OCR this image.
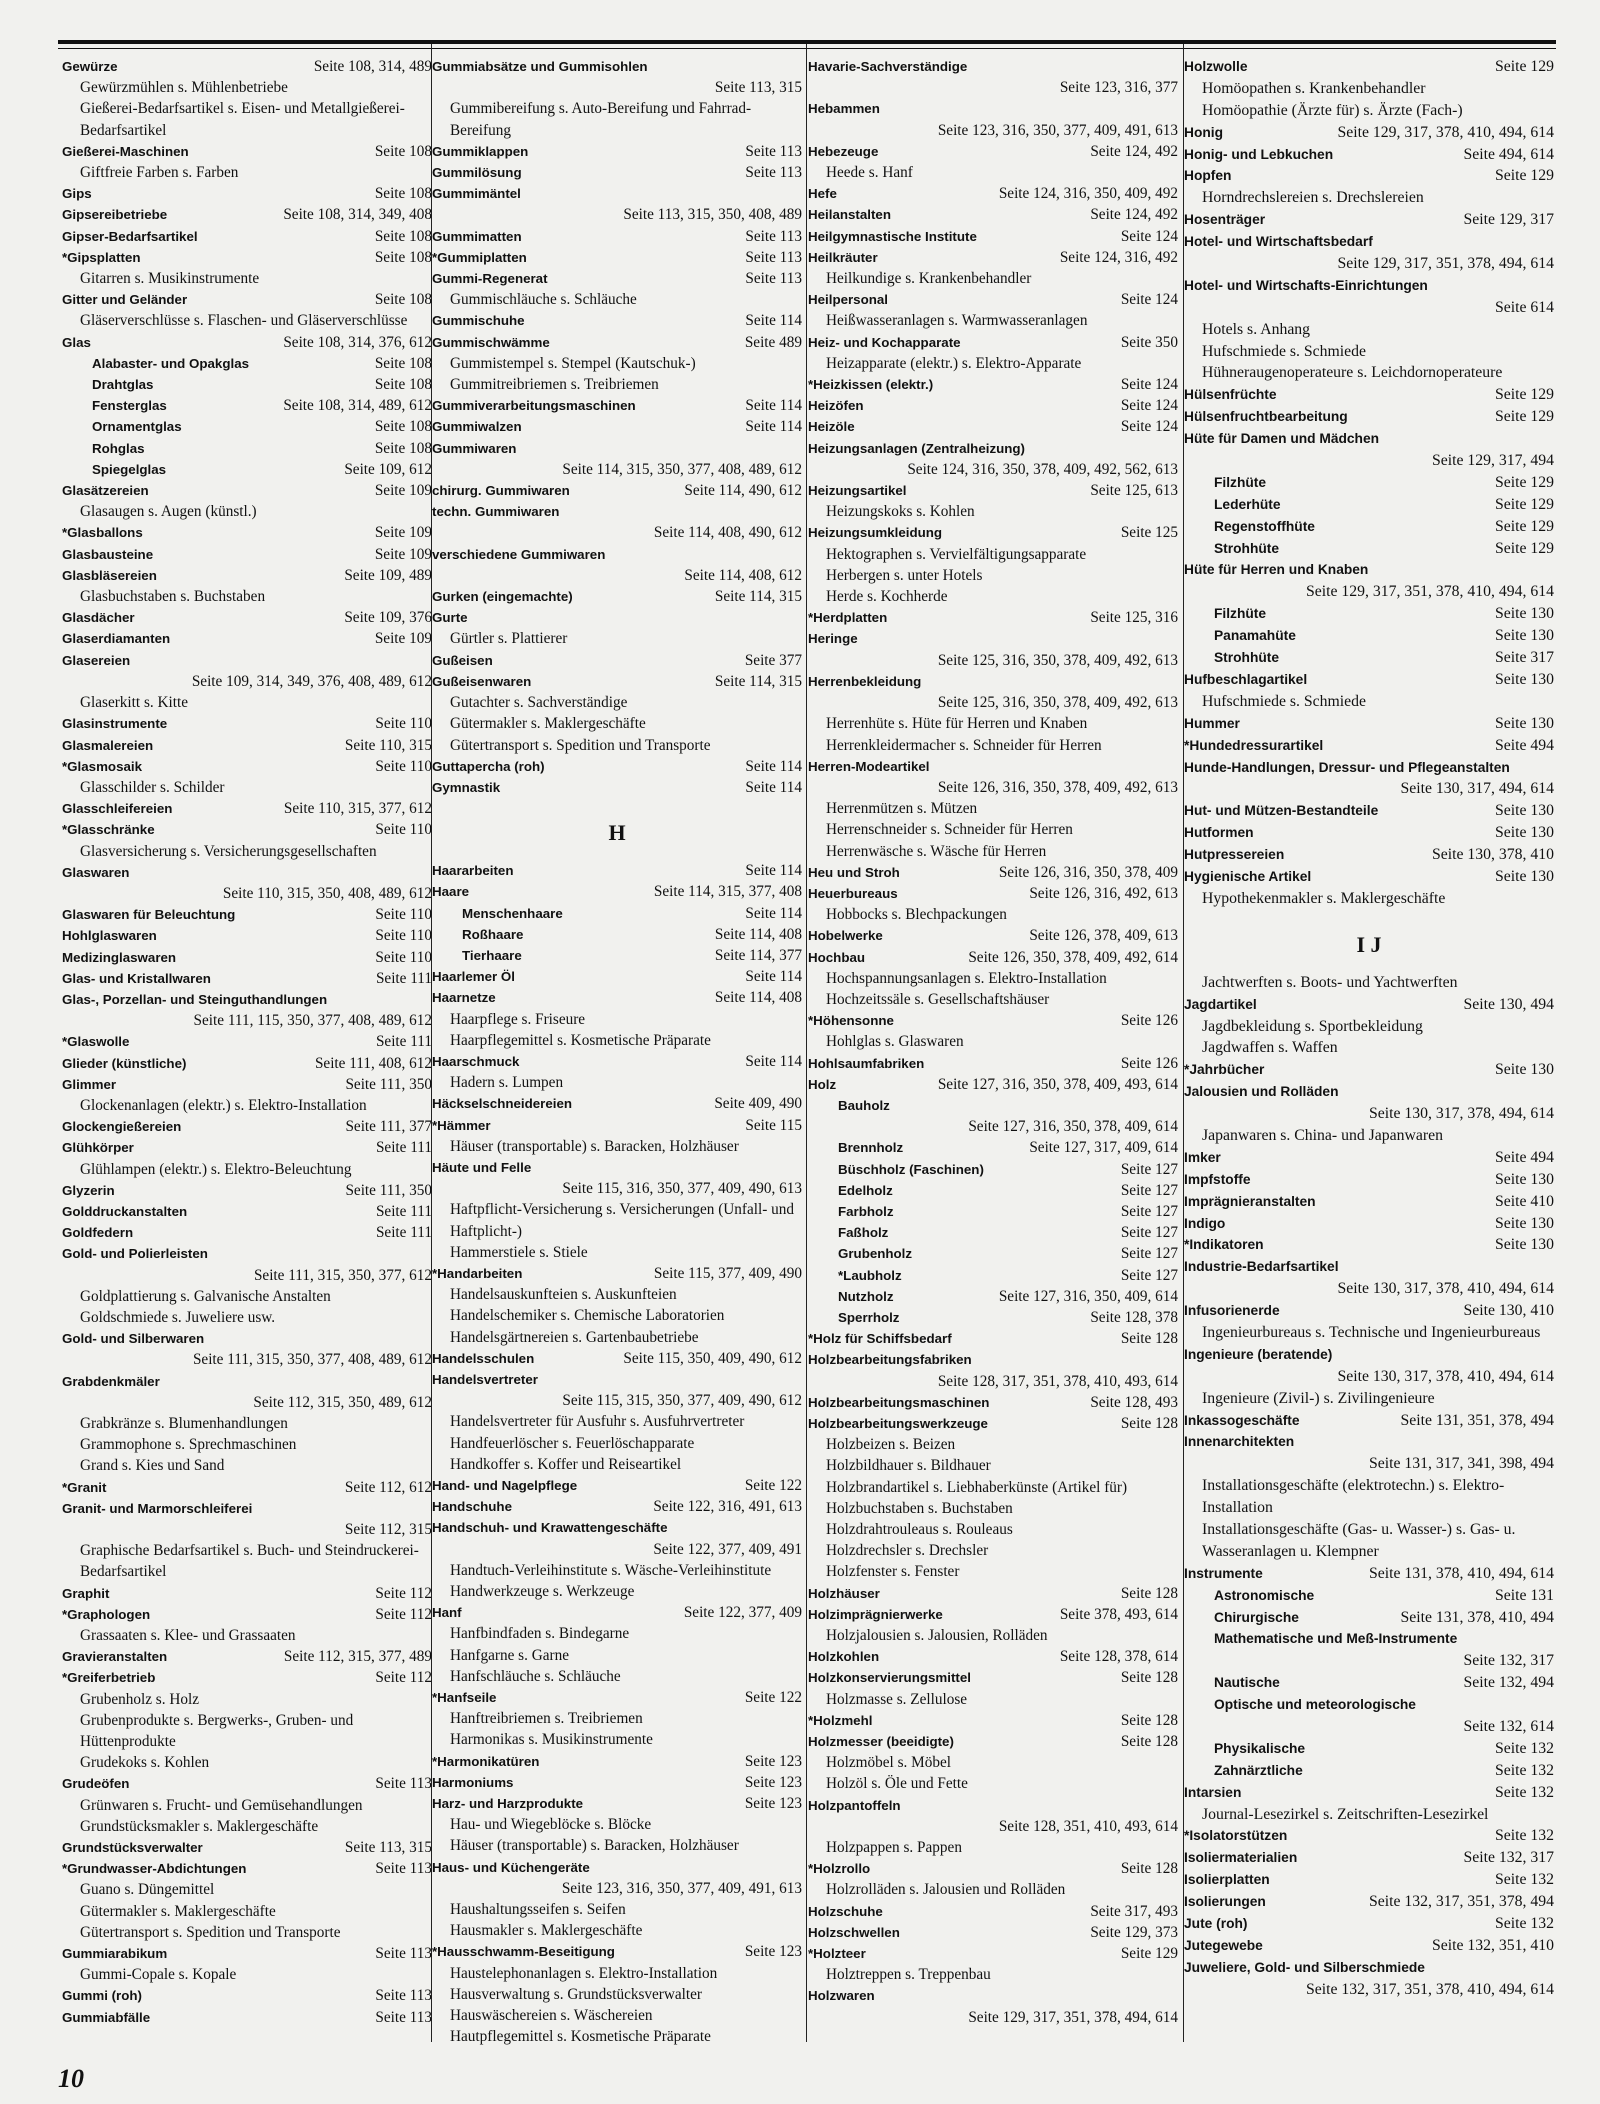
Gewürze	Seite 108, 314, 489
Gewürzmühlen s. Mühlenbetriebe
Gießerei-Bedarfsartikel s. Eisen- und Metallgießerei-Bedarfsartikel
Gießerei-Maschinen	Seite 108
Giftfreie Farben s. Farben
Gips	Seite 108
Gipsereibetriebe	Seite 108, 314, 349, 408
Gipser-Bedarfsartikel	Seite 108
*Gipsplatten	Seite 108
Gitarren s. Musikinstrumente
Gitter und Geländer	Seite 108
Gläserverschlüsse s. Flaschen- und Gläserverschlüsse
Glas	Seite 108, 314, 376, 612
Alabaster- und Opakglas	Seite 108
Drahtglas	Seite 108
Fensterglas	Seite 108, 314, 489, 612
Ornamentglas	Seite 108
Rohglas	Seite 108
Spiegelglas	Seite 109, 612
Glasätzereien	Seite 109
Glasaugen s. Augen (künstl.)
*Glasballons	Seite 109
Glasbausteine	Seite 109
Glasbläsereien	Seite 109, 489
Glasbuchstaben s. Buchstaben
Glasdächer	Seite 109, 376
Glaserdiamanten	Seite 109
Glasereien
Seite 109, 314, 349, 376, 408, 489, 612
Glaserkitt s. Kitte
Glasinstrumente	Seite 110
Glasmalereien	Seite 110, 315
*Glasmosaik	Seite 110
Glasschilder s. Schilder
Glasschleifereien	Seite 110, 315, 377, 612
*Glasschränke	Seite 110
Glasversicherung s. Versicherungsgesellschaften
Glaswaren
Seite 110, 315, 350, 408, 489, 612
Glaswaren für Beleuchtung	Seite 110
Hohlglaswaren	Seite 110
Medizinglaswaren	Seite 110
Glas- und Kristallwaren	Seite 111
Glas-, Porzellan- und Steinguthandlungen
Seite 111, 115, 350, 377, 408, 489, 612
*Glaswolle	Seite 111
Glieder (künstliche)	Seite 111, 408, 612
Glimmer	Seite 111, 350
Glockenanlagen (elektr.) s. Elektro-Installation
Glockengießereien	Seite 111, 377
Glühkörper	Seite 111
Glühlampen (elektr.) s. Elektro-Beleuchtung
Glyzerin	Seite 111, 350
Golddruckanstalten	Seite 111
Goldfedern	Seite 111
Gold- und Polierleisten
Seite 111, 315, 350, 377, 612
Goldplattierung s. Galvanische Anstalten
Goldschmiede s. Juweliere usw.
Gold- und Silberwaren
Seite 111, 315, 350, 377, 408, 489, 612
Grabdenkmäler
Seite 112, 315, 350, 489, 612
Grabkränze s. Blumenhandlungen
Grammophone s. Sprechmaschinen
Grand s. Kies und Sand
*Granit	Seite 112, 612
Granit- und Marmorschleiferei
Seite 112, 315
Graphische Bedarfsartikel s. Buch- und Steindruckerei-Bedarfsartikel
Graphit	Seite 112
*Graphologen	Seite 112
Grassaaten s. Klee- und Grassaaten
Gravieranstalten	Seite 112, 315, 377, 489
*Greiferbetrieb	Seite 112
Grubenholz s. Holz
Grubenprodukte s. Bergwerks-, Gruben- und Hüttenprodukte
Grudekoks s. Kohlen
Grudeöfen	Seite 113
Grünwaren s. Frucht- und Gemüsehandlungen
Grundstücksmakler s. Maklergeschäfte
Grundstücksverwalter	Seite 113, 315
*Grundwasser-Abdichtungen	Seite 113
Guano s. Düngemittel
Gütermakler s. Maklergeschäfte
Gütertransport s. Spedition und Transporte
Gummiarabikum	Seite 113
Gummi-Copale s. Kopale
Gummi (roh)	Seite 113
Gummiabfälle	Seite 113
Gummiabsätze und Gummisohlen
Seite 113, 315
Gummibereifung s. Auto-Bereifung und Fahrrad-Bereifung
Gummiklappen	Seite 113
Gummilösung	Seite 113
Gummimäntel
Seite 113, 315, 350, 408, 489
Gummimatten	Seite 113
*Gummiplatten	Seite 113
Gummi-Regenerat	Seite 113
Gummischläuche s. Schläuche
Gummischuhe	Seite 114
Gummischwämme	Seite 489
Gummistempel s. Stempel (Kautschuk-)
Gummitreibriemen s. Treibriemen
Gummiverarbeitungsmaschinen	Seite 114
Gummiwalzen	Seite 114
Gummiwaren
Seite 114, 315, 350, 377, 408, 489, 612
chirurg. Gummiwaren	Seite 114, 490, 612
techn. Gummiwaren
Seite 114, 408, 490, 612
verschiedene Gummiwaren
Seite 114, 408, 612
Gurken (eingemachte)	Seite 114, 315
Gurte
Gürtler s. Plattierer
Gußeisen	Seite 377
Gußeisenwaren	Seite 114, 315
Gutachter s. Sachverständige
Gütermakler s. Maklergeschäfte
Gütertransport s. Spedition und Transporte
Guttapercha (roh)	Seite 114
Gymnastik	Seite 114
H
Haararbeiten	Seite 114
Haare	Seite 114, 315, 377, 408
Menschenhaare	Seite 114
Roßhaare	Seite 114, 408
Tierhaare	Seite 114, 377
Haarlemer Öl	Seite 114
Haarnetze	Seite 114, 408
Haarpflege s. Friseure
Haarpflegemittel s. Kosmetische Präparate
Haarschmuck	Seite 114
Hadern s. Lumpen
Häckselschneidereien	Seite 409, 490
*Hämmer	Seite 115
Häuser (transportable) s. Baracken, Holzhäuser
Häute und Felle
Seite 115, 316, 350, 377, 409, 490, 613
Haftpflicht-Versicherung s. Versicherungen (Unfall- und Haftplicht-)
Hammerstiele s. Stiele
*Handarbeiten	Seite 115, 377, 409, 490
Handelsauskunfteien s. Auskunfteien
Handelschemiker s. Chemische Laboratorien
Handelsgärtnereien s. Gartenbaubetriebe
Handelsschulen	Seite 115, 350, 409, 490, 612
Handelsvertreter
Seite 115, 315, 350, 377, 409, 490, 612
Handelsvertreter für Ausfuhr s. Ausfuhrvertreter
Handfeuerlöscher s. Feuerlöschapparate
Handkoffer s. Koffer und Reiseartikel
Hand- und Nagelpflege	Seite 122
Handschuhe	Seite 122, 316, 491, 613
Handschuh- und Krawattengeschäfte
Seite 122, 377, 409, 491
Handtuch-Verleihinstitute s. Wäsche-Verleihinstitute
Handwerkzeuge s. Werkzeuge
Hanf	Seite 122, 377, 409
Hanfbindfaden s. Bindegarne
Hanfgarne s. Garne
Hanfschläuche s. Schläuche
*Hanfseile	Seite 122
Hanftreibriemen s. Treibriemen
Harmonikas s. Musikinstrumente
*Harmonikatüren	Seite 123
Harmoniums	Seite 123
Harz- und Harzprodukte	Seite 123
Hau- und Wiegeblöcke s. Blöcke
Häuser (transportable) s. Baracken, Holzhäuser
Haus- und Küchengeräte
Seite 123, 316, 350, 377, 409, 491, 613
Haushaltungsseifen s. Seifen
Hausmakler s. Maklergeschäfte
*Hausschwamm-Beseitigung	Seite 123
Haustelephonanlagen s. Elektro-Installation
Hausverwaltung s. Grundstücksverwalter
Hauswäschereien s. Wäschereien
Hautpflegemittel s. Kosmetische Präparate
Havarie-Sachverständige
Seite 123, 316, 377
Hebammen
Seite 123, 316, 350, 377, 409, 491, 613
Hebezeuge	Seite 124, 492
Heede s. Hanf
Hefe	Seite 124, 316, 350, 409, 492
Heilanstalten	Seite 124, 492
Heilgymnastische Institute	Seite 124
Heilkräuter	Seite 124, 316, 492
Heilkundige s. Krankenbehandler
Heilpersonal	Seite 124
Heißwasseranlagen s. Warmwasseranlagen
Heiz- und Kochapparate	Seite 350
Heizapparate (elektr.) s. Elektro-Apparate
*Heizkissen (elektr.)	Seite 124
Heizöfen	Seite 124
Heizöle	Seite 124
Heizungsanlagen (Zentralheizung)
Seite 124, 316, 350, 378, 409, 492, 562, 613
Heizungsartikel	Seite 125, 613
Heizungskoks s. Kohlen
Heizungsumkleidung	Seite 125
Hektographen s. Vervielfältigungsapparate
Herbergen s. unter Hotels
Herde s. Kochherde
*Herdplatten	Seite 125, 316
Heringe
Seite 125, 316, 350, 378, 409, 492, 613
Herrenbekleidung
Seite 125, 316, 350, 378, 409, 492, 613
Herrenhüte s. Hüte für Herren und Knaben
Herrenkleidermacher s. Schneider für Herren
Herren-Modeartikel
Seite 126, 316, 350, 378, 409, 492, 613
Herrenmützen s. Mützen
Herrenschneider s. Schneider für Herren
Herrenwäsche s. Wäsche für Herren
Heu und Stroh	Seite 126, 316, 350, 378, 409
Heuerbureaus	Seite 126, 316, 492, 613
Hobbocks s. Blechpackungen
Hobelwerke	Seite 126, 378, 409, 613
Hochbau	Seite 126, 350, 378, 409, 492, 614
Hochspannungsanlagen s. Elektro-Installation
Hochzeitssäle s. Gesellschaftshäuser
*Höhensonne	Seite 126
Hohlglas s. Glaswaren
Hohlsaumfabriken	Seite 126
Holz	Seite 127, 316, 350, 378, 409, 493, 614
Bauholz
Seite 127, 316, 350, 378, 409, 614
Brennholz	Seite 127, 317, 409, 614
Büschholz (Faschinen)	Seite 127
Edelholz	Seite 127
Farbholz	Seite 127
Faßholz	Seite 127
Grubenholz	Seite 127
*Laubholz	Seite 127
Nutzholz	Seite 127, 316, 350, 409, 614
Sperrholz	Seite 128, 378
*Holz für Schiffsbedarf	Seite 128
Holzbearbeitungsfabriken
Seite 128, 317, 351, 378, 410, 493, 614
Holzbearbeitungsmaschinen	Seite 128, 493
Holzbearbeitungswerkzeuge	Seite 128
Holzbeizen s. Beizen
Holzbildhauer s. Bildhauer
Holzbrandartikel s. Liebhaberkünste (Artikel für)
Holzbuchstaben s. Buchstaben
Holzdrahtrouleaus s. Rouleaus
Holzdrechsler s. Drechsler
Holzfenster s. Fenster
Holzhäuser	Seite 128
Holzimprägnierwerke	Seite 378, 493, 614
Holzjalousien s. Jalousien, Rolläden
Holzkohlen	Seite 128, 378, 614
Holzkonservierungsmittel	Seite 128
Holzmasse s. Zellulose
*Holzmehl	Seite 128
Holzmesser (beeidigte)	Seite 128
Holzmöbel s. Möbel
Holzöl s. Öle und Fette
Holzpantoffeln
Seite 128, 351, 410, 493, 614
Holzpappen s. Pappen
*Holzrollo	Seite 128
Holzrolläden s. Jalousien und Rolläden
Holzschuhe	Seite 317, 493
Holzschwellen	Seite 129, 373
*Holzteer	Seite 129
Holztreppen s. Treppenbau
Holzwaren
Seite 129, 317, 351, 378, 494, 614
Holzwolle	Seite 129
Homöopathen s. Krankenbehandler
Homöopathie (Ärzte für) s. Ärzte (Fach-)
Honig	Seite 129, 317, 378, 410, 494, 614
Honig- und Lebkuchen	Seite 494, 614
Hopfen	Seite 129
Horndrechslereien s. Drechslereien
Hosenträger	Seite 129, 317
Hotel- und Wirtschaftsbedarf
Seite 129, 317, 351, 378, 494, 614
Hotel- und Wirtschafts-Einrichtungen
Seite 614
Hotels s. Anhang
Hufschmiede s. Schmiede
Hühneraugenoperateure s. Leichdornoperateure
Hülsenfrüchte	Seite 129
Hülsenfruchtbearbeitung	Seite 129
Hüte für Damen und Mädchen
Seite 129, 317, 494
Filzhüte	Seite 129
Lederhüte	Seite 129
Regenstoffhüte	Seite 129
Strohhüte	Seite 129
Hüte für Herren und Knaben
Seite 129, 317, 351, 378, 410, 494, 614
Filzhüte	Seite 130
Panamahüte	Seite 130
Strohhüte	Seite 317
Hufbeschlagartikel	Seite 130
Hufschmiede s. Schmiede
Hummer	Seite 130
*Hundedressurartikel	Seite 494
Hunde-Handlungen, Dressur- und Pflegeanstalten
Seite 130, 317, 494, 614
Hut- und Mützen-Bestandteile	Seite 130
Hutformen	Seite 130
Hutpressereien	Seite 130, 378, 410
Hygienische Artikel	Seite 130
Hypothekenmakler s. Maklergeschäfte
I J
Jachtwerften s. Boots- und Yachtwerften
Jagdartikel	Seite 130, 494
Jagdbekleidung s. Sportbekleidung
Jagdwaffen s. Waffen
*Jahrbücher	Seite 130
Jalousien und Rolläden
Seite 130, 317, 378, 494, 614
Japanwaren s. China- und Japanwaren
Imker	Seite 494
Impfstoffe	Seite 130
Imprägnieranstalten	Seite 410
Indigo	Seite 130
*Indikatoren	Seite 130
Industrie-Bedarfsartikel
Seite 130, 317, 378, 410, 494, 614
Infusorienerde	Seite 130, 410
Ingenieurbureaus s. Technische und Ingenieurbureaus
Ingenieure (beratende)
Seite 130, 317, 378, 410, 494, 614
Ingenieure (Zivil-) s. Zivilingenieure
Inkassogeschäfte	Seite 131, 351, 378, 494
Innenarchitekten
Seite 131, 317, 341, 398, 494
Installationsgeschäfte (elektrotechn.) s. Elektro-Installation
Installationsgeschäfte (Gas- u. Wasser-) s. Gas- u. Wasseranlagen u. Klempner
Instrumente	Seite 131, 378, 410, 494, 614
Astronomische	Seite 131
Chirurgische	Seite 131, 378, 410, 494
Mathematische und Meß-Instrumente
Seite 132, 317
Nautische	Seite 132, 494
Optische und meteorologische
Seite 132, 614
Physikalische	Seite 132
Zahnärztliche	Seite 132
Intarsien	Seite 132
Journal-Lesezirkel s. Zeitschriften-Lesezirkel
*Isolatorstützen	Seite 132
Isoliermaterialien	Seite 132, 317
Isolierplatten	Seite 132
Isolierungen	Seite 132, 317, 351, 378, 494
Jute (roh)	Seite 132
Jutegewebe	Seite 132, 351, 410
Juweliere, Gold- und Silberschmiede
Seite 132, 317, 351, 378, 410, 494, 614
10
